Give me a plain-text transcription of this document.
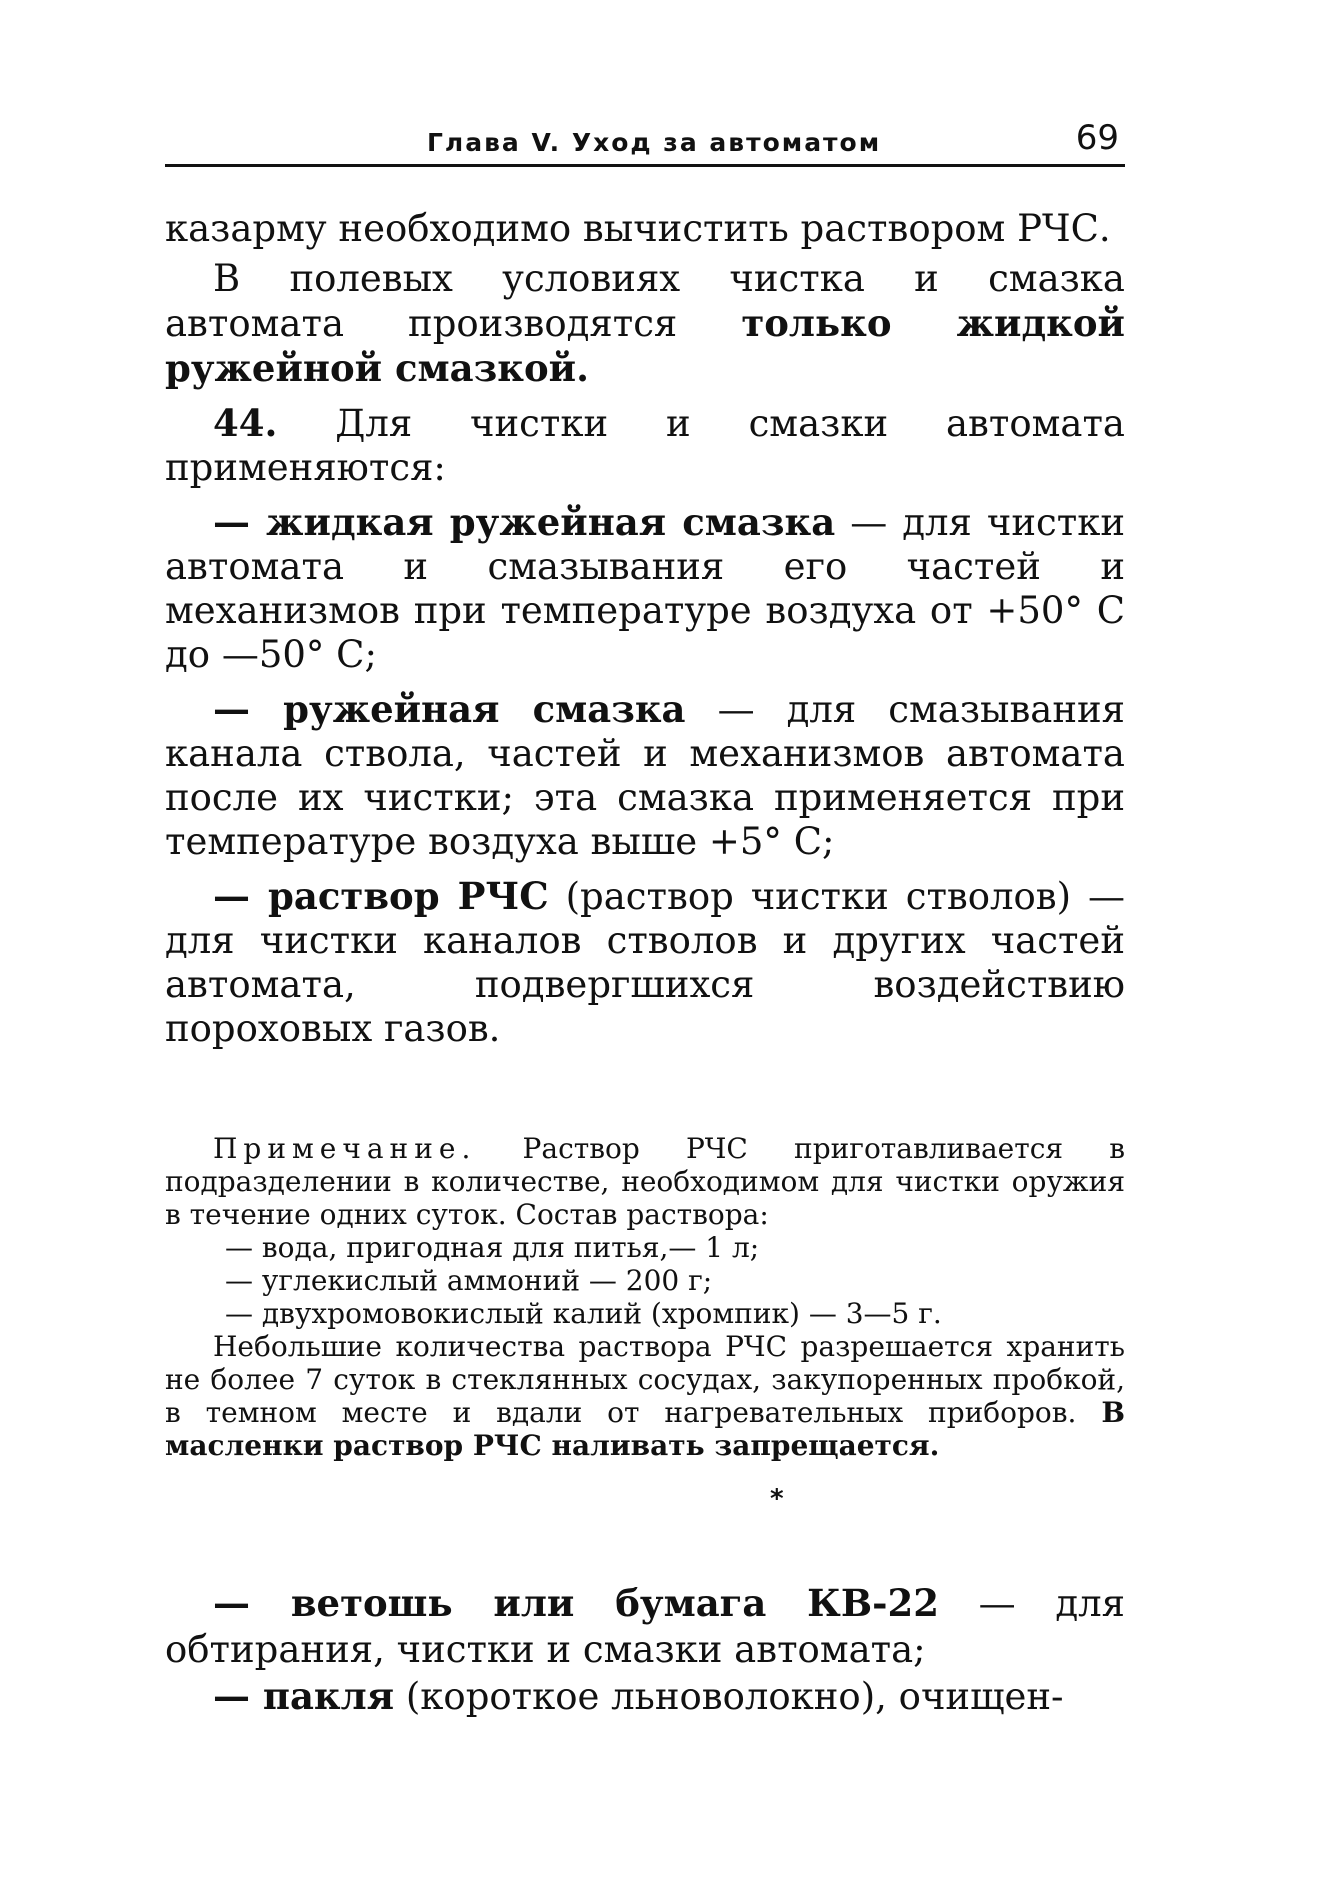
Глава V. Уход за автоматом	69

казарму необходимо вычистить раствором РЧС.

В полевых условиях чистка и смазка автомата производятся только жидкой ружейной смазкой.

44. Для чистки и смазки автомата применяются:

— жидкая ружейная смазка — для чистки автомата и смазывания его частей и механизмов при температуре воздуха от +50° С до —50° С;

— ружейная смазка — для смазывания канала ствола, частей и механизмов автомата после их чистки; эта смазка применяется при температуре воздуха выше +5° С;

— раствор РЧС (раствор чистки стволов) — для чистки каналов стволов и других частей автомата, подвергшихся воздействию пороховых газов.

Примечание. Раствор РЧС приготавливается в подразделении в количестве, необходимом для чистки оружия в течение одних суток. Состав раствора:

— вода, пригодная для питья,— 1 л;

— углекислый аммоний — 200 г;

— двухромовокислый калий (хромпик) — 3—5 г.

Небольшие количества раствора РЧС разрешается хранить не более 7 суток в стеклянных сосудах, закупоренных пробкой, в темном месте и вдали от нагревательных приборов. В масленки раствор РЧС наливать запрещается.

*

— ветошь или бумага КВ-22 — для обтирания, чистки и смазки автомата;

— пакля (короткое льноволокно), очищен-
